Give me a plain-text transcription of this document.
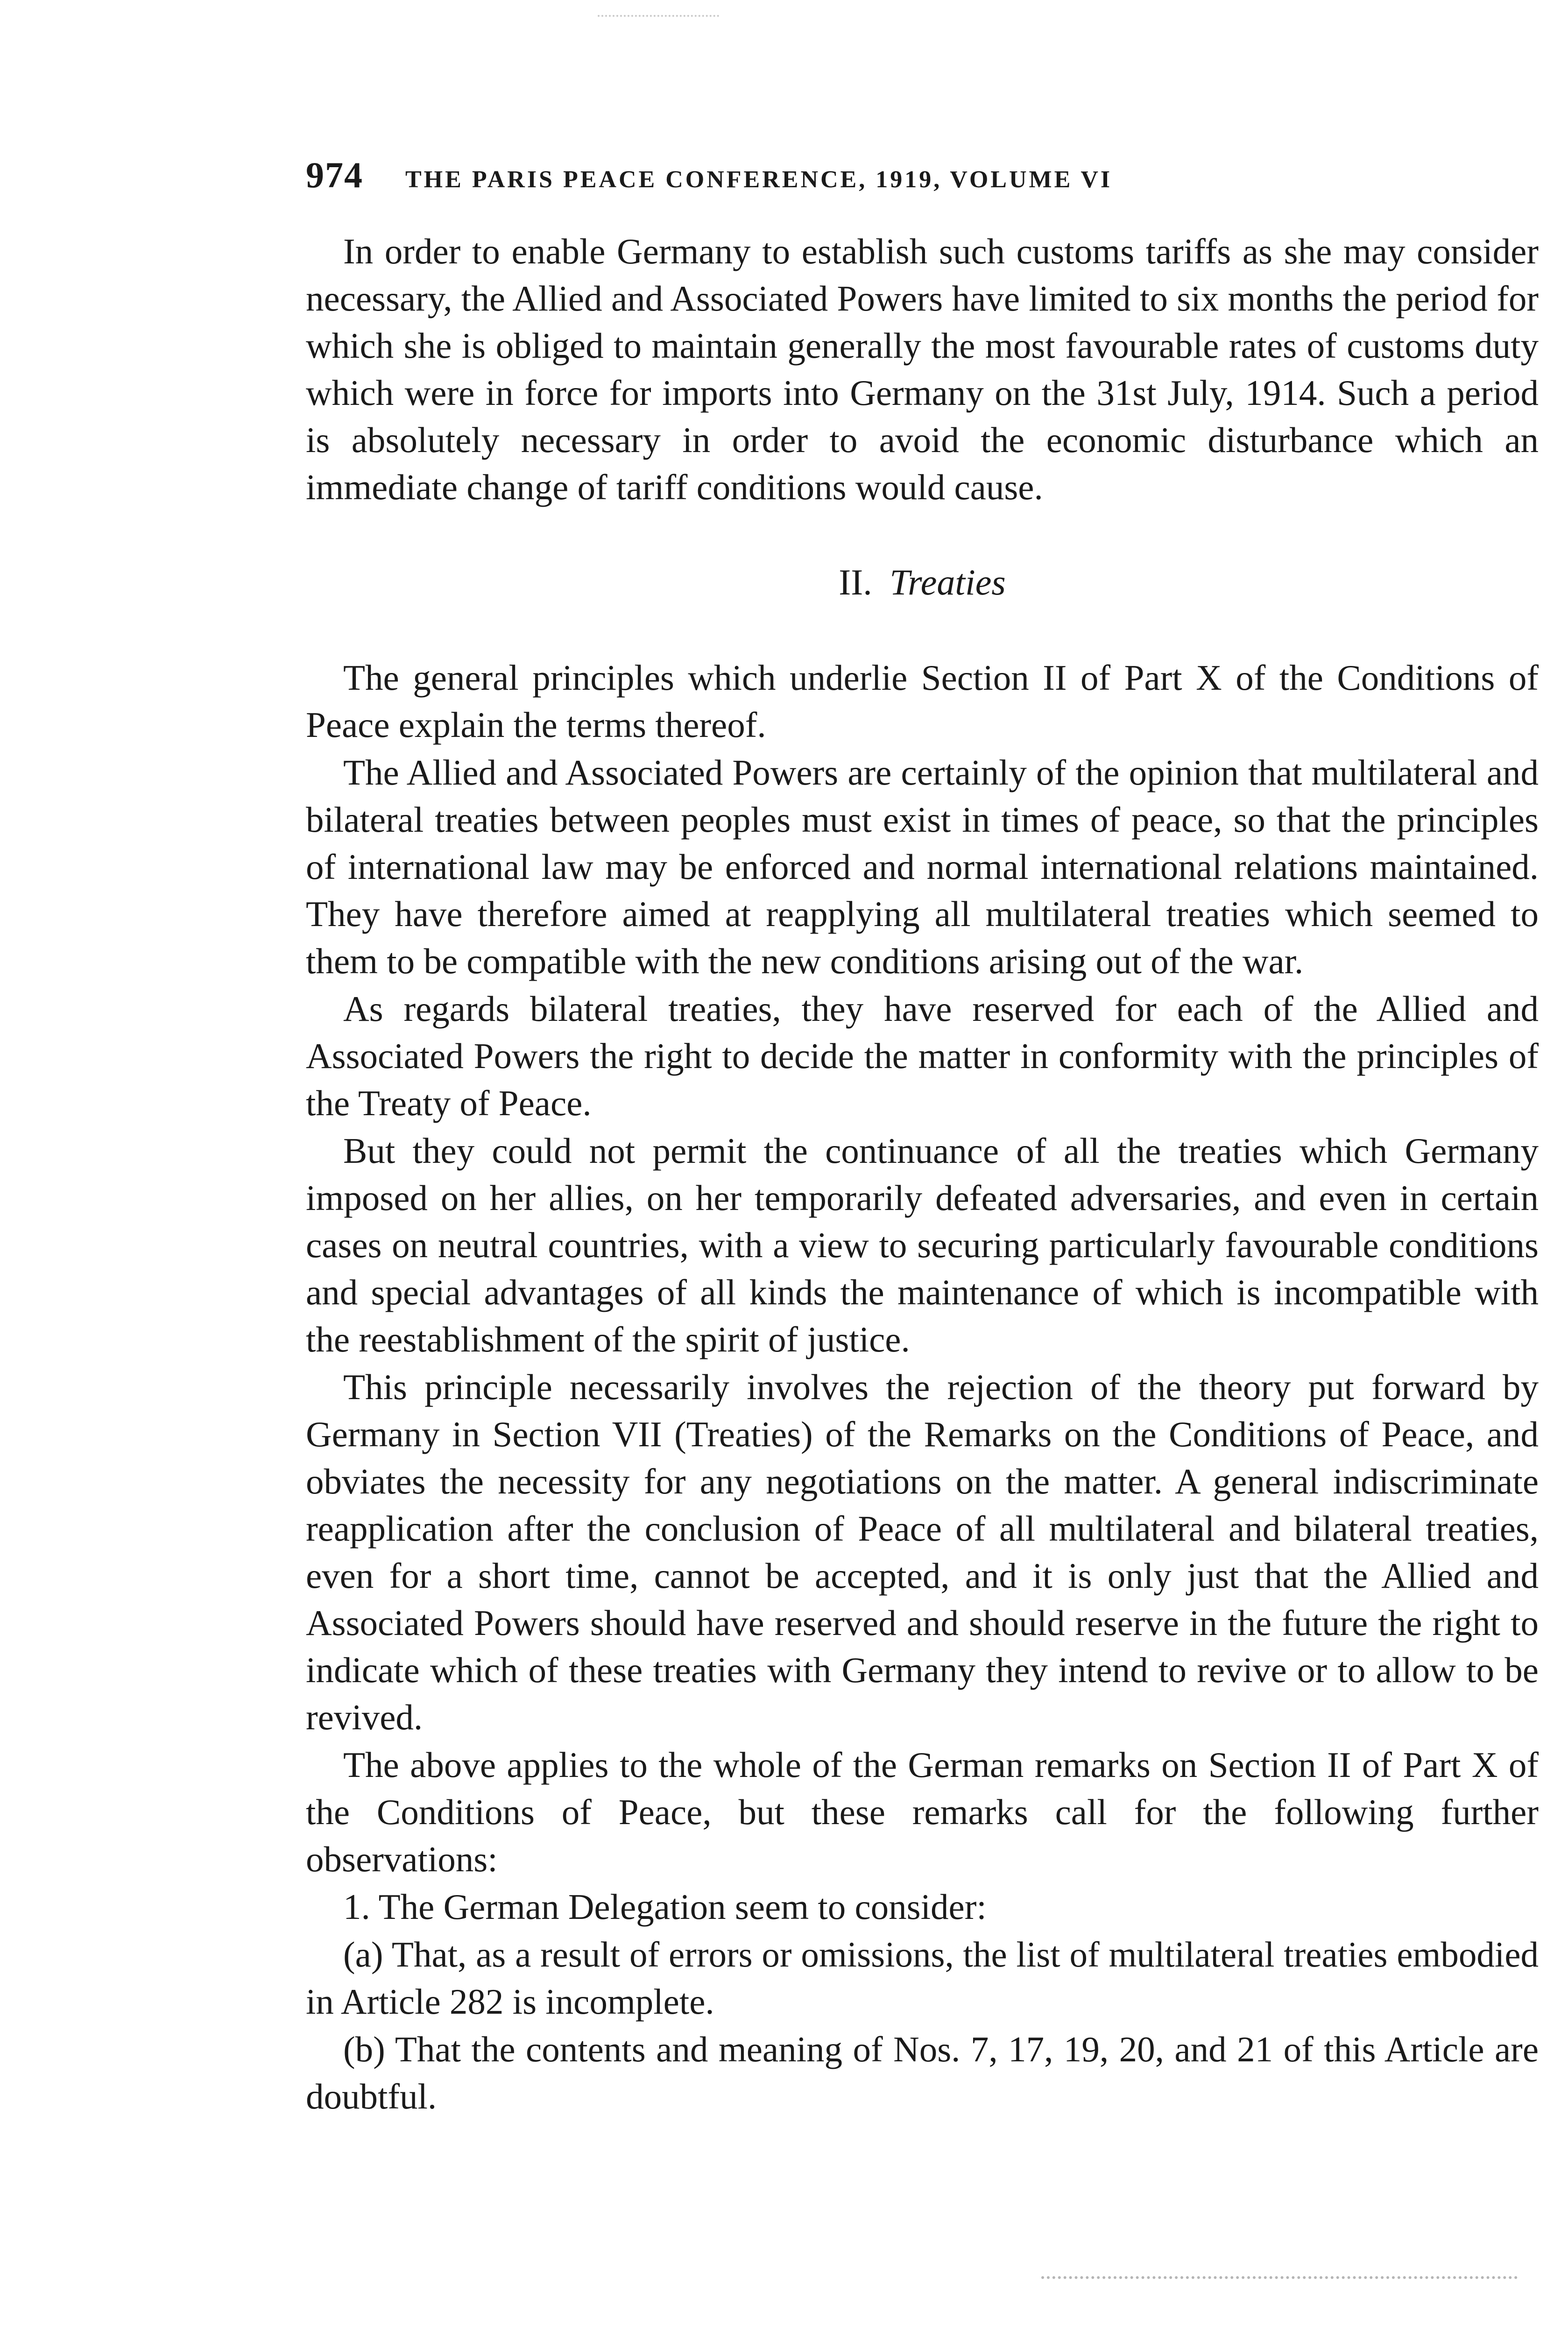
974 THE PARIS PEACE CONFERENCE, 1919, VOLUME VI

In order to enable Germany to establish such customs tariffs as she may consider necessary, the Allied and Associated Powers have limited to six months the period for which she is obliged to maintain generally the most favourable rates of customs duty which were in force for imports into Germany on the 31st July, 1914. Such a period is absolutely necessary in order to avoid the economic disturbance which an immediate change of tariff conditions would cause.

II. Treaties

The general principles which underlie Section II of Part X of the Conditions of Peace explain the terms thereof.

The Allied and Associated Powers are certainly of the opinion that multilateral and bilateral treaties between peoples must exist in times of peace, so that the principles of international law may be enforced and normal international relations maintained. They have therefore aimed at reapplying all multilateral treaties which seemed to them to be compatible with the new conditions arising out of the war.

As regards bilateral treaties, they have reserved for each of the Allied and Associated Powers the right to decide the matter in conformity with the principles of the Treaty of Peace.

But they could not permit the continuance of all the treaties which Germany imposed on her allies, on her temporarily defeated adversaries, and even in certain cases on neutral countries, with a view to securing particularly favourable conditions and special advantages of all kinds the maintenance of which is incompatible with the reestablishment of the spirit of justice.

This principle necessarily involves the rejection of the theory put forward by Germany in Section VII (Treaties) of the Remarks on the Conditions of Peace, and obviates the necessity for any negotiations on the matter. A general indiscriminate reapplication after the conclusion of Peace of all multilateral and bilateral treaties, even for a short time, cannot be accepted, and it is only just that the Allied and Associated Powers should have reserved and should reserve in the future the right to indicate which of these treaties with Germany they intend to revive or to allow to be revived.

The above applies to the whole of the German remarks on Section II of Part X of the Conditions of Peace, but these remarks call for the following further observations:

1. The German Delegation seem to consider:

(a) That, as a result of errors or omissions, the list of multilateral treaties embodied in Article 282 is incomplete.

(b) That the contents and meaning of Nos. 7, 17, 19, 20, and 21 of this Article are doubtful.
